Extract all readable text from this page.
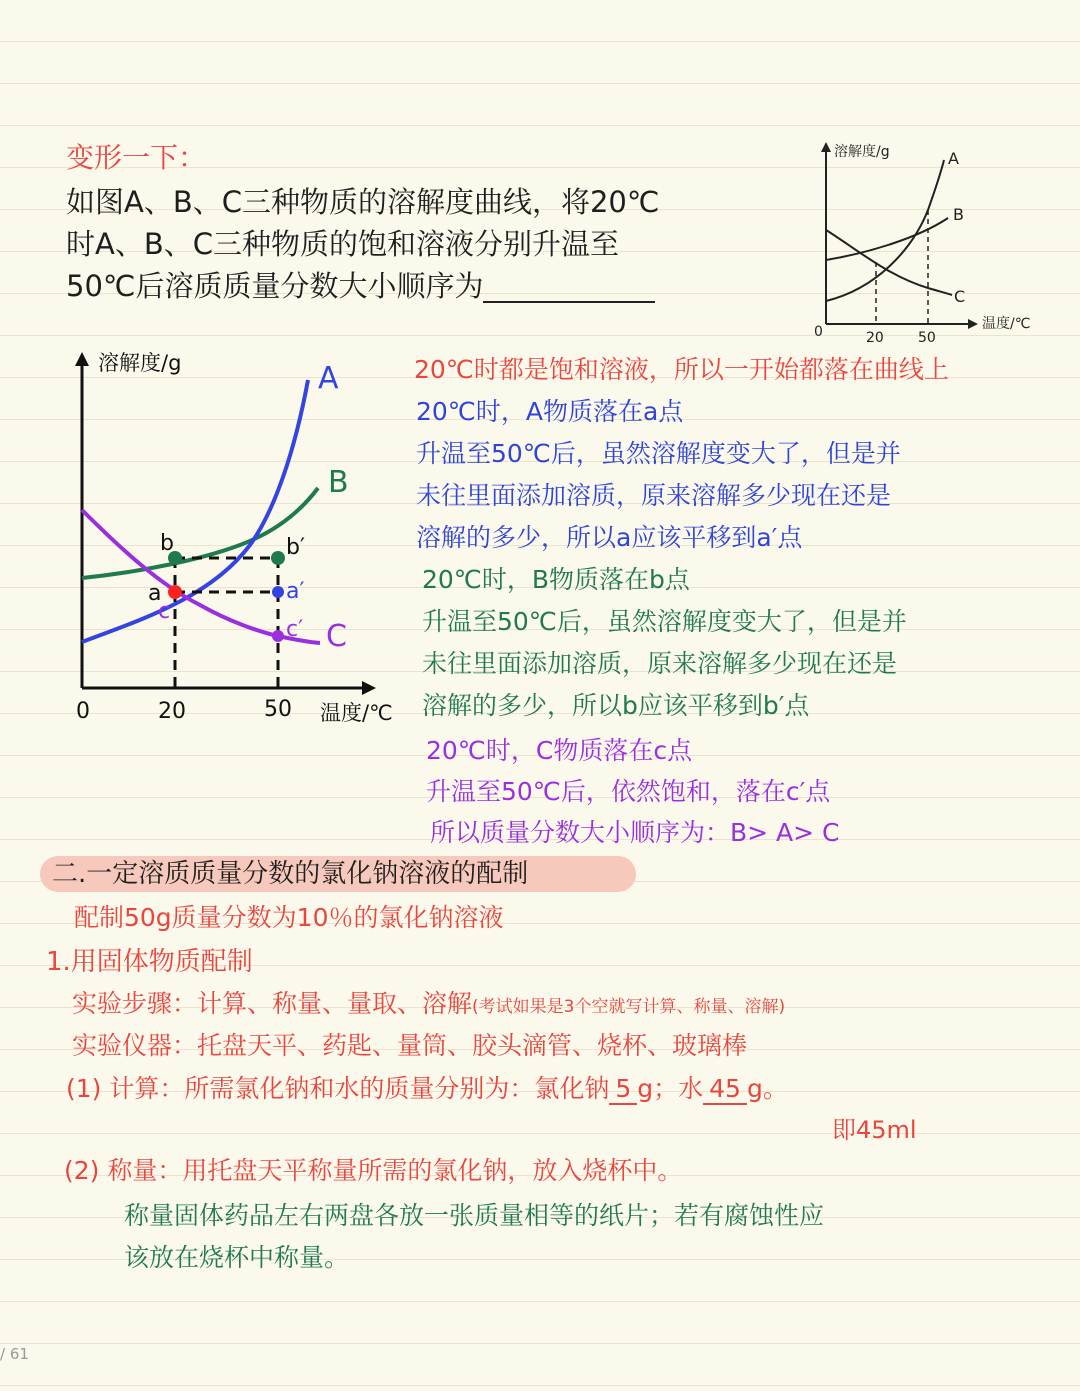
变形一下：
如图A、B、C三种物质的溶解度曲线，将20℃
时A、B、C三种物质的饱和溶液分别升温至
50℃后溶质质量分数大小顺序为
溶解度/g	A
B
C
0	20 50
温度/℃
溶解度/g	A
B
C
b
a
c
b′
a′
c′
0	20	50 温度/℃
20℃时都是饱和溶液，所以一开始都落在曲线上
20℃时，A物质落在a点
升温至50℃后，虽然溶解度变大了，但是并
未往里面添加溶质，原来溶解多少现在还是
溶解的多少，所以a应该平移到a′点
20℃时，B物质落在b点
升温至50℃后，虽然溶解度变大了，但是并
未往里面添加溶质，原来溶解多少现在还是
溶解的多少，所以b应该平移到b′点
20℃时，C物质落在c点
升温至50℃后，依然饱和，落在c′点
所以质量分数大小顺序为：B> A> C
二.一定溶质质量分数的氯化钠溶液的配制
配制50g质量分数为10％的氯化钠溶液
1.用固体物质配制
实验步骤：计算、称量、量取、溶解(考试如果是3个空就写计算、称量、溶解)
实验仪器：托盘天平、药匙、量筒、胶头滴管、烧杯、玻璃棒
(1) 计算：所需氯化钠和水的质量分别为：氯化钠 5 g；水 45 g。
即45ml
(2) 称量：用托盘天平称量所需的氯化钠，放入烧杯中。
称量固体药品左右两盘各放一张质量相等的纸片；若有腐蚀性应
该放在烧杯中称量。
/ 61
